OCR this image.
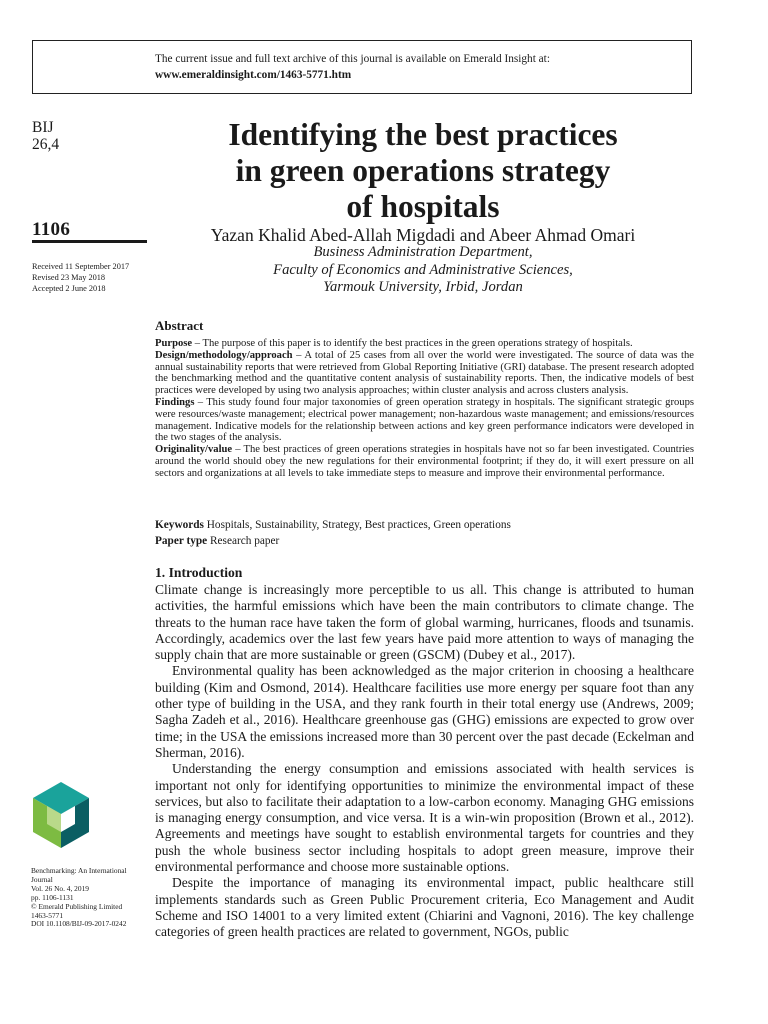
The current issue and full text archive of this journal is available on Emerald Insight at:
www.emeraldinsight.com/1463-5771.htm
BIJ
26,4
1106
Received 11 September 2017
Revised 23 May 2018
Accepted 2 June 2018
Identifying the best practices
in green operations strategy
of hospitals
Yazan Khalid Abed-Allah Migdadi and Abeer Ahmad Omari
Business Administration Department,
Faculty of Economics and Administrative Sciences,
Yarmouk University, Irbid, Jordan
Abstract

Purpose – The purpose of this paper is to identify the best practices in the green operations strategy of hospitals.

Design/methodology/approach – A total of 25 cases from all over the world were investigated. The source of data was the annual sustainability reports that were retrieved from Global Reporting Initiative (GRI) database. The present research adopted the benchmarking method and the quantitative content analysis of sustainability reports. Then, the indicative models of best practices were developed by using two analysis approaches; within cluster analysis and across clusters analysis.

Findings – This study found four major taxonomies of green operation strategy in hospitals. The significant strategic groups were resources/waste management; electrical power management; non-hazardous waste management; and emissions/resources management. Indicative models for the relationship between actions and key green performance indicators were developed in the two stages of the analysis.

Originality/value – The best practices of green operations strategies in hospitals have not so far been investigated. Countries around the world should obey the new regulations for their environmental footprint; if they do, it will exert pressure on all sectors and organizations at all levels to take immediate steps to measure and improve their environmental performance.

Keywords Hospitals, Sustainability, Strategy, Best practices, Green operations
Paper type Research paper
1. Introduction

Climate change is increasingly more perceptible to us all. This change is attributed to human activities, the harmful emissions which have been the main contributors to climate change. The threats to the human race have taken the form of global warming, hurricanes, floods and tsunamis. Accordingly, academics over the last few years have paid more attention to ways of managing the supply chain that are more sustainable or green (GSCM) (Dubey et al., 2017).

Environmental quality has been acknowledged as the major criterion in choosing a healthcare building (Kim and Osmond, 2014). Healthcare facilities use more energy per square foot than any other type of building in the USA, and they rank fourth in their total energy use (Andrews, 2009; Sagha Zadeh et al., 2016). Healthcare greenhouse gas (GHG) emissions are expected to grow over time; in the USA the emissions increased more than 30 percent over the past decade (Eckelman and Sherman, 2016).

Understanding the energy consumption and emissions associated with health services is important not only for identifying opportunities to minimize the environmental impact of these services, but also to facilitate their adaptation to a low-carbon economy. Managing GHG emissions is managing energy consumption, and vice versa. It is a win-win proposition (Brown et al., 2012). Agreements and meetings have sought to establish environmental targets for countries and they push the whole business sector including hospitals to adopt green measure, improve their environmental performance and choose more sustainable options.

Despite the importance of managing its environmental impact, public healthcare still implements standards such as Green Public Procurement criteria, Eco Management and Audit Scheme and ISO 14001 to a very limited extent (Chiarini and Vagnoni, 2016). The key challenge categories of green health practices are related to government, NGOs, public

Benchmarking: An International Journal
Vol. 26 No. 4, 2019
pp. 1106-1131
© Emerald Publishing Limited
1463-5771
DOI 10.1108/BIJ-09-2017-0242
